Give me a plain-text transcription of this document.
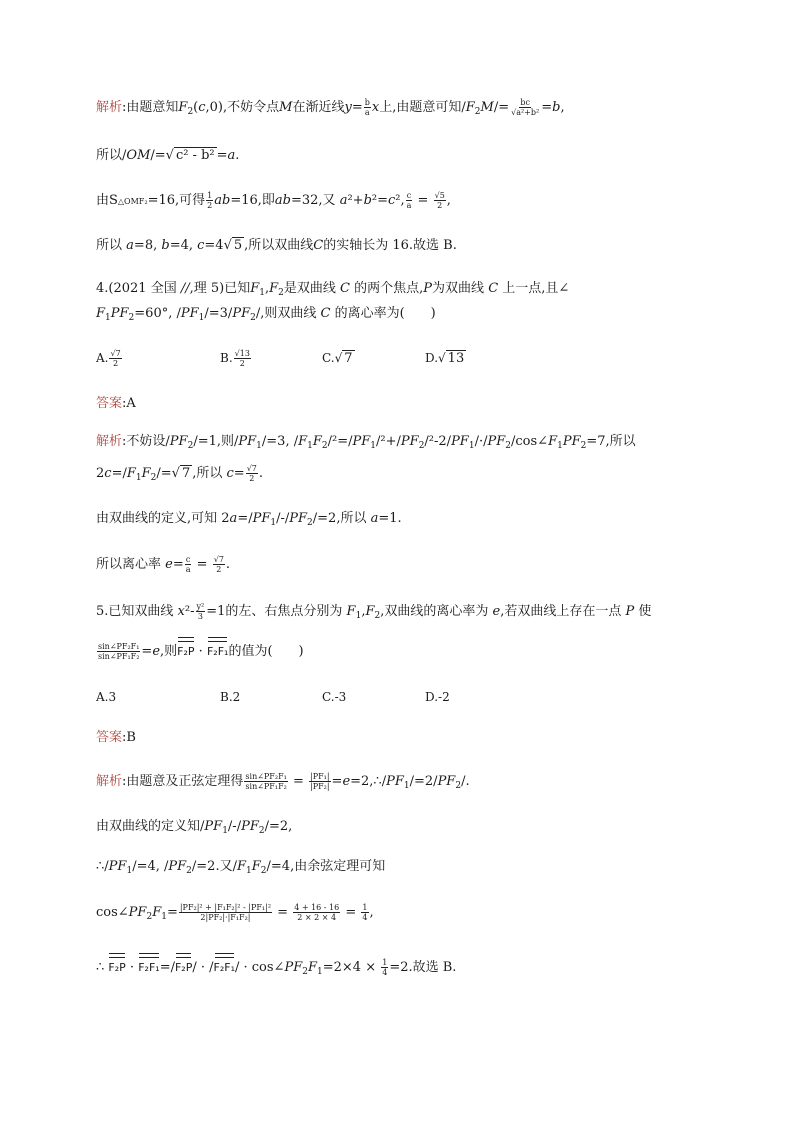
解析:由题意知$F_2(c,0)$,不妨令点M在渐近线$y= \frac{b}{a}$ x上,由题意可知$/F_2M/= \frac{bc}{\text{√a²+b²}} =b$,
所以/OM/=√ c² - b² =a.
由S△OMF₂=16,可得 $\frac{1}{2} ab=16$,即ab=32,又 a²+b²=c², $\frac{c}{a} = \frac{√5}{2}$ ,
所以 a=8, b=4, c=4√ 5 ,所以双曲线C的实轴长为 16.故选 B.
4.(2021 全国 //,理 5)已知$F_1,F_2$是双曲线 C 的两个焦点,P为双曲线 C 上一点,且∠
$F_1PF_2=60^\circ$, $/PF_1/=3/PF_2/$,则双曲线 C 的离心率为(　　)
A. $\frac{√7}{2}$	B. $\frac{√13}{2}$	C.√ 7	D.√ 13
答案:A
解析:不妨设$/PF_2/=1$,则$/PF_1/=3$, $/F_1F_2/^2=/PF_1/^2+/PF_2/^2-2/PF_1/\cdot/PF_2/\cos\angle F_1PF_2=7$,所以
$2c=/F_1F_2/=√$ 7 ,所以 $c= \frac{√7}{2}$ .
由双曲线的定义,可知 $2a=/PF_1/-/PF_2/=2$,所以 a=1.
所以离心率 $e= \frac{c}{a} = \frac{√7}{2}$ .
5.已知双曲线 $x^2- \frac{\text{y²}}{3} =1$的左、右焦点分别为 $F_1,F_2$,双曲线的离心率为 e,若双曲线上存在一点 P 使
$\frac{\text{sin∠PF₂F₁}}{\text{sin∠PF₁F₂}} =e$,则F₂P · F₂F₁的值为(　　)
A.3	B.2	C.-3	D.-2
答案:B
解析:由题意及正弦定理得 $\frac{\text{sin∠PF₂F₁}}{\text{sin∠PF₁F₂}} = \frac{\text{|PF₁|}}{\text{|PF₂|}}$ $=e=2,\therefore/PF_1/=2/PF_2/$.
由双曲线的定义知$/PF_1/-/PF_2/=2$,
$\therefore/PF_1/=4$, $/PF_2/=2$.又$/F_1F_2/=4$,由余弦定理可知
$\cos\angle PF_2F_1= \frac{\text{|PF₂|² + |F₁F₂|² - |PF₁|²}}{\text{2|PF₂|·|F₁F₂|}} = \frac{4 + 16 - 16}{2 \times 2 \times 4} = \frac{1}{4}$ ,
∴ $F_2P \cdot F_2F_1=/F_2P/ \cdot /F_2F_1/ \cdot \cos\angle PF_2F_1=2\times 4 \times \frac{1}{4} =2$.故选 B.
